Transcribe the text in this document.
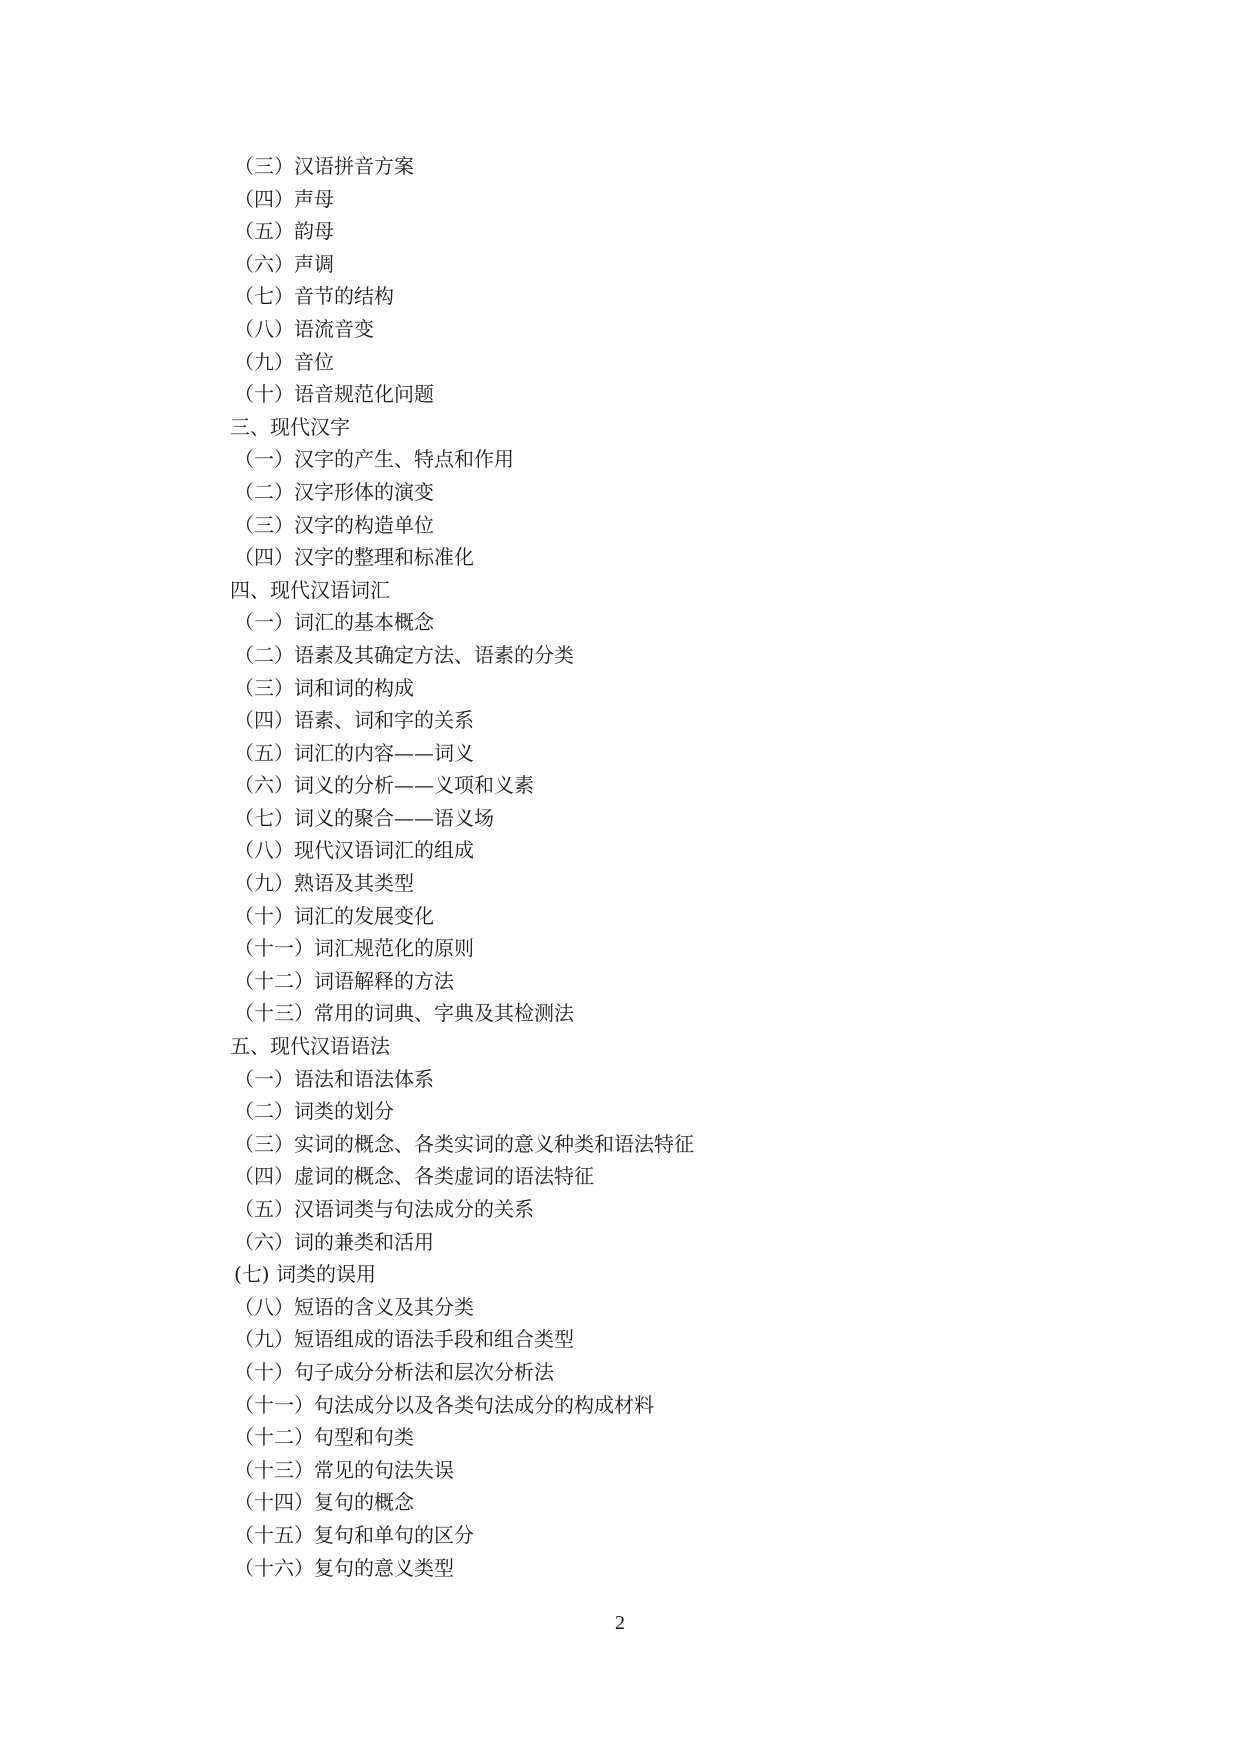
（三）汉语拼音方案
（四）声母
（五）韵母
（六）声调
（七）音节的结构
（八）语流音变
（九）音位
（十）语音规范化问题
三、现代汉字
（一）汉字的产生、特点和作用
（二）汉字形体的演变
（三）汉字的构造单位
（四）汉字的整理和标准化
四、现代汉语词汇
（一）词汇的基本概念
（二）语素及其确定方法、语素的分类
（三）词和词的构成
（四）语素、词和字的关系
（五）词汇的内容——词义
（六）词义的分析——义项和义素
（七）词义的聚合——语义场
（八）现代汉语词汇的组成
（九）熟语及其类型
（十）词汇的发展变化
（十一）词汇规范化的原则
（十二）词语解释的方法
（十三）常用的词典、字典及其检测法
五、现代汉语语法
（一）语法和语法体系
（二）词类的划分
（三）实词的概念、各类实词的意义种类和语法特征
（四）虚词的概念、各类虚词的语法特征
（五）汉语词类与句法成分的关系
（六）词的兼类和活用
(七) 词类的误用
（八）短语的含义及其分类
（九）短语组成的语法手段和组合类型
（十）句子成分分析法和层次分析法
（十一）句法成分以及各类句法成分的构成材料
（十二）句型和句类
（十三）常见的句法失误
（十四）复句的概念
（十五）复句和单句的区分
（十六）复句的意义类型
2
